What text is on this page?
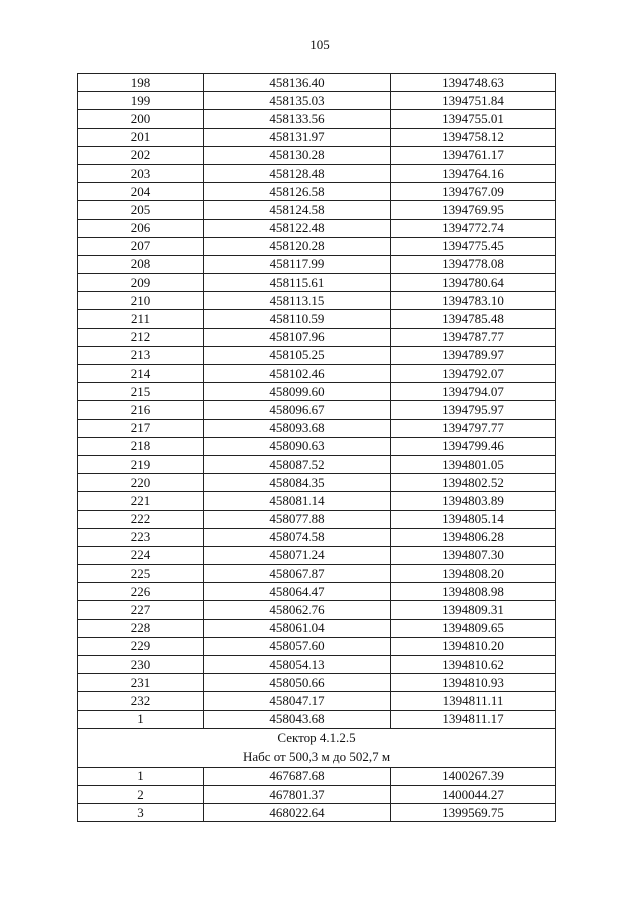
105
198	458136.40	1394748.63
199	458135.03	1394751.84
200	458133.56	1394755.01
201	458131.97	1394758.12
202	458130.28	1394761.17
203	458128.48	1394764.16
204	458126.58	1394767.09
205	458124.58	1394769.95
206	458122.48	1394772.74
207	458120.28	1394775.45
208	458117.99	1394778.08
209	458115.61	1394780.64
210	458113.15	1394783.10
211	458110.59	1394785.48
212	458107.96	1394787.77
213	458105.25	1394789.97
214	458102.46	1394792.07
215	458099.60	1394794.07
216	458096.67	1394795.97
217	458093.68	1394797.77
218	458090.63	1394799.46
219	458087.52	1394801.05
220	458084.35	1394802.52
221	458081.14	1394803.89
222	458077.88	1394805.14
223	458074.58	1394806.28
224	458071.24	1394807.30
225	458067.87	1394808.20
226	458064.47	1394808.98
227	458062.76	1394809.31
228	458061.04	1394809.65
229	458057.60	1394810.20
230	458054.13	1394810.62
231	458050.66	1394810.93
232	458047.17	1394811.11
1	458043.68	1394811.17
Сектор 4.1.2.5		
Набс от 500,3 м до 502,7 м		
1	467687.68	1400267.39
2	467801.37	1400044.27
3	468022.64	1399569.75
